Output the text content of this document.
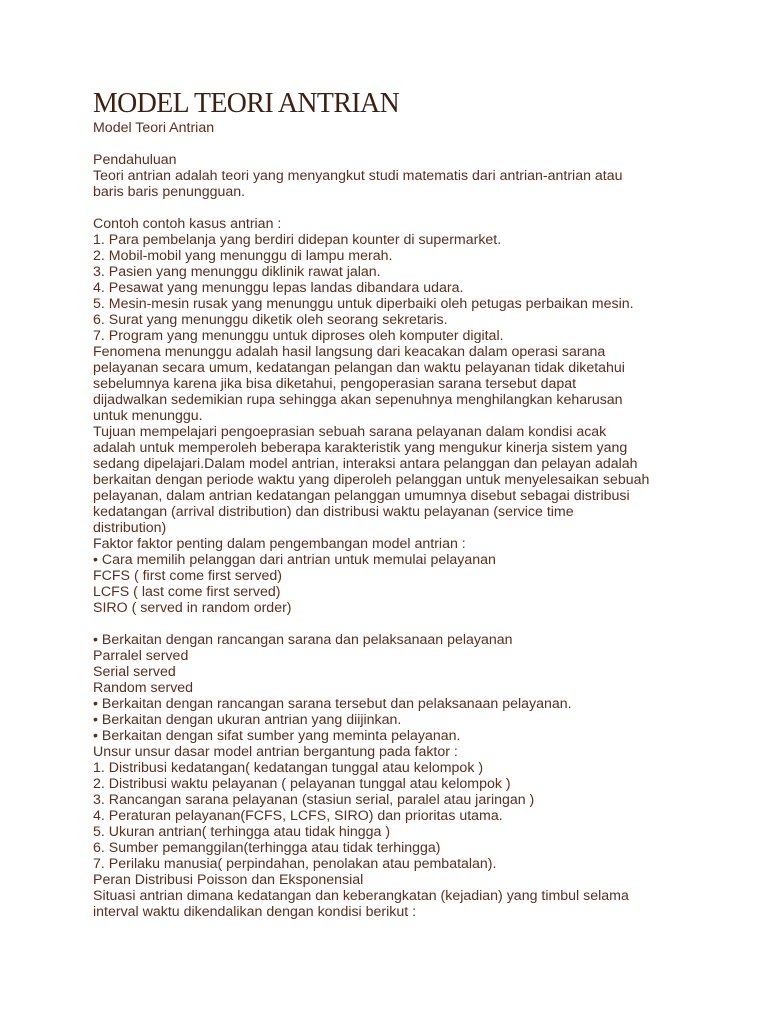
MODEL TEORI ANTRIAN
Model Teori Antrian
Pendahuluan
Teori antrian adalah teori yang menyangkut studi matematis dari antrian-antrian atau
baris baris penungguan.
Contoh contoh kasus antrian :
1. Para pembelanja yang berdiri didepan kounter di supermarket.
2. Mobil-mobil yang menunggu di lampu merah.
3. Pasien yang menunggu diklinik rawat jalan.
4. Pesawat yang menunggu lepas landas dibandara udara.
5. Mesin-mesin rusak yang menunggu untuk diperbaiki oleh petugas perbaikan mesin.
6. Surat yang menunggu diketik oleh seorang sekretaris.
7. Program yang menunggu untuk diproses oleh komputer digital.
Fenomena menunggu adalah hasil langsung dari keacakan dalam operasi sarana
pelayanan secara umum, kedatangan pelangan dan waktu pelayanan tidak diketahui
sebelumnya karena jika bisa diketahui, pengoperasian sarana tersebut dapat
dijadwalkan sedemikian rupa sehingga akan sepenuhnya menghilangkan keharusan
untuk menunggu.
Tujuan mempelajari pengoeprasian sebuah sarana pelayanan dalam kondisi acak
adalah untuk memperoleh beberapa karakteristik yang mengukur kinerja sistem yang
sedang dipelajari.Dalam model antrian, interaksi antara pelanggan dan pelayan adalah
berkaitan dengan periode waktu yang diperoleh pelanggan untuk menyelesaikan sebuah
pelayanan, dalam antrian kedatangan pelanggan umumnya disebut sebagai distribusi
kedatangan (arrival distribution) dan distribusi waktu pelayanan (service time
distribution)
Faktor faktor penting dalam pengembangan model antrian :
• Cara memilih pelanggan dari antrian untuk memulai pelayanan
FCFS ( first come first served)
LCFS ( last come first served)
SIRO ( served in random order)
• Berkaitan dengan rancangan sarana dan pelaksanaan pelayanan
Parralel served
Serial served
Random served
• Berkaitan dengan rancangan sarana tersebut dan pelaksanaan pelayanan.
• Berkaitan dengan ukuran antrian yang diijinkan.
• Berkaitan dengan sifat sumber yang meminta pelayanan.
Unsur unsur dasar model antrian bergantung pada faktor :
1. Distribusi kedatangan( kedatangan tunggal atau kelompok )
2. Distribusi waktu pelayanan ( pelayanan tunggal atau kelompok )
3. Rancangan sarana pelayanan (stasiun serial, paralel atau jaringan )
4. Peraturan pelayanan(FCFS, LCFS, SIRO) dan prioritas utama.
5. Ukuran antrian( terhingga atau tidak hingga )
6. Sumber pemanggilan(terhingga atau tidak terhingga)
7. Perilaku manusia( perpindahan, penolakan atau pembatalan).
Peran Distribusi Poisson dan Eksponensial
Situasi antrian dimana kedatangan dan keberangkatan (kejadian) yang timbul selama
interval waktu dikendalikan dengan kondisi berikut :
